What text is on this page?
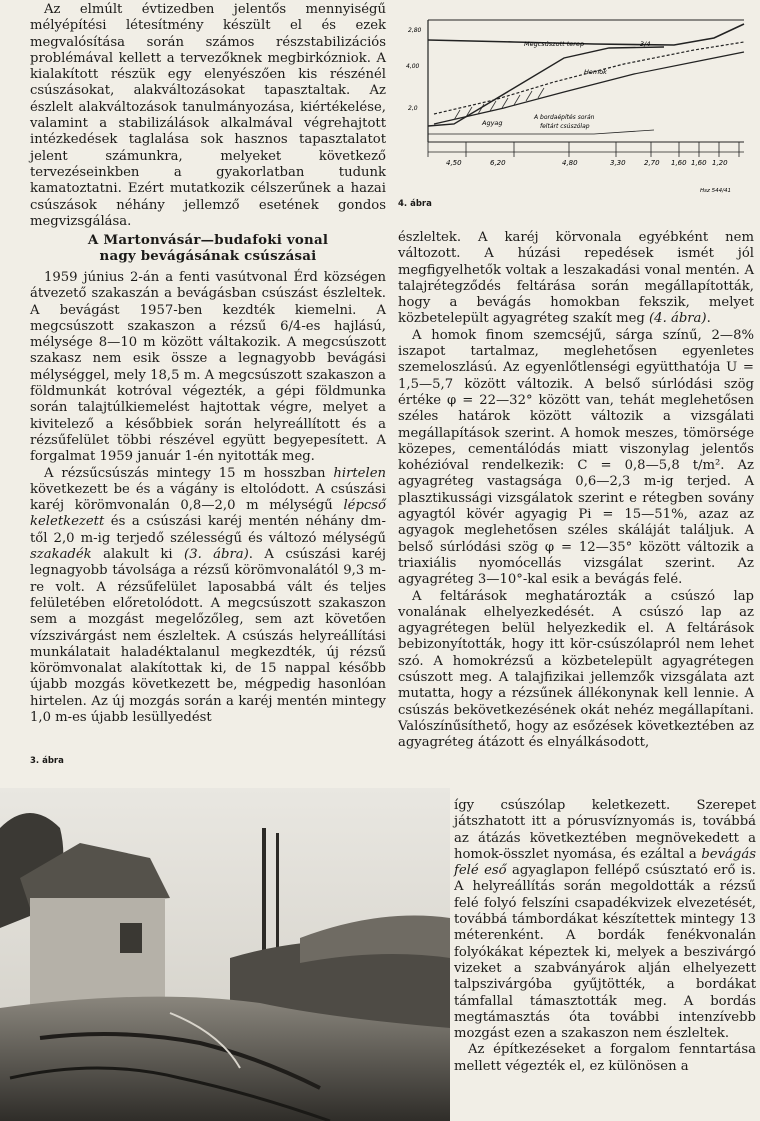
Az elmúlt évtizedben jelentős mennyiségű mélyépítési létesítmény készült el és ezek megvalósítása során számos részstabilizációs problémával kellett a tervezőknek megbirkózniok. A kialakított részük egy elenyészően kis részénél csúszásokat, alakváltozásokat tapasztaltak. Az észlelt alakváltozások tanulmányozása, kiértékelése, valamint a stabilizálások alkalmával végrehajtott intézkedések taglalása sok hasznos tapasztalatot jelent számunkra, melyeket következő tervezéseinkben a gyakorlatban tudunk kamatoztatni. Ezért mutatkozik célszerűnek a hazai csúszások néhány jellemző esetének gondos megvizsgálása.

Megcsúszott terep	3/4
Homok
Agyag
A bordaépítés során
feltárt csúszólap
2,80
4,00
2,0
4,50	6,20	4,80	3,30	2,70 1,60 1,60 1,20
Hsz 544/41
4. ábra
A Martonvásár—budafoki vonal
nagy bevágásának csúszásai

1959 június 2-án a fenti vasútvonal Érd községen átvezető szakaszán a bevágásban csúszást észleltek. A bevágást 1957-ben kezdték kiemelni. A megcsúszott szakaszon a rézsű 6/4-es hajlású, mélysége 8—10 m között váltakozik. A megcsúszott szakasz nem esik össze a legnagyobb bevágási mélységgel, mely 18,5 m. A megcsúszott szakaszon a földmunkát kotróval végezték, a gépi földmunka során talajtúlkiemelést hajtottak végre, melyet a kivitelező a későbbiek során helyreállított és a rézsűfelület többi részével együtt begyepesített. A forgalmat 1959 január 1-én nyitották meg.

A rézsűcsúszás mintegy 15 m hosszban hirtelen következett be és a vágány is eltolódott. A csúszási karéj körömvonalán 0,8—2,0 m mélységű lépcső keletkezett és a csúszási karéj mentén néhány dm-től 2,0 m-ig terjedő szélességű és változó mélységű szakadék alakult ki (3. ábra). A csúszási karéj legnagyobb távolsága a rézsű körömvonalától 9,3 m-re volt. A rézsűfelület laposabbá vált és teljes felületében előretolódott. A megcsúszott szakaszon sem a mozgást megelőzőleg, sem azt követően vízszivárgást nem észleltek. A csúszás helyreállítási munkálatait haladéktalanul megkezdték, új rézsű körömvonalat alakítottak ki, de 15 nappal később újabb mozgás következett be, mégpedig hasonlóan hirtelen. Az új mozgás során a karéj mentén mintegy 1,0 m-es újabb lesüllyedést

3. ábra

észleltek. A karéj körvonala egyébként nem változott. A húzási repedések ismét jól megfigyelhetők voltak a leszakadási vonal mentén. A talajrétegződés feltárása során megállapították, hogy a bevágás homokban fekszik, melyet közbetelepült agyagréteg szakít meg (4. ábra).

A homok finom szemcséjű, sárga színű, 2—8% iszapot tartalmaz, meglehetősen egyenletes szemeloszlású. Az egyenlőtlenségi együtthatója U = 1,5—5,7 között változik. A belső súrlódási szög értéke φ = 22—32° között van, tehát meglehetősen széles határok között változik a vizsgálati megállapítások szerint. A homok meszes, tömörsége közepes, cementálódás miatt viszonylag jelentős kohézióval rendelkezik: C = 0,8—5,8 t/m². Az agyagréteg vastagsága 0,6—2,3 m-ig terjed. A plasztikussági vizsgálatok szerint e rétegben sovány agyagtól kövér agyagig Pi = 15—51%, azaz az agyagok meglehetősen széles skáláját találjuk. A belső súrlódási szög φ = 12—35° között változik a triaxiális nyomócellás vizsgálat szerint. Az agyagréteg 3—10°-kal esik a bevágás felé.

A feltárások meghatározták a csúszó lap vonalának elhelyezkedését. A csúszó lap az agyagrétegen belül helyezkedik el. A feltárások bebizonyították, hogy itt kör-csúszólapról nem lehet szó. A homokrézsű a közbetelepült agyagrétegen csúszott meg. A talajfizikai jellemzők vizsgálata azt mutatta, hogy a rézsűnek állékonynak kell lennie. A csúszás bekövetkezésének okát nehéz megállapítani. Valószínűsíthető, hogy az esőzések következtében az agyagréteg átázott és elnyálkásodott,

így csúszólap keletkezett. Szerepet játszhatott itt a pórusvíznyomás is, továbbá az átázás következtében megnövekedett a homok-összlet nyomása, és ezáltal a bevágás felé eső agyaglapon fellépő csúsztató erő is. A helyreállítás során megoldották a rézsű felé folyó felszíni csapadékvizek elvezetését, továbbá támbordákat készítettek mintegy 13 méterenként. A bordák fenékvonalán folyókákat képeztek ki, melyek a beszivárgó vizeket a szabványárok alján elhelyezett talpszivárgóba gyűjtötték, a bordákat támfallal támasztották meg. A bordás megtámasztás óta további intenzívebb mozgást ezen a szakaszon nem észleltek.

Az építkezéseket a forgalom fenntartása mellett végezték el, ez különösen a
